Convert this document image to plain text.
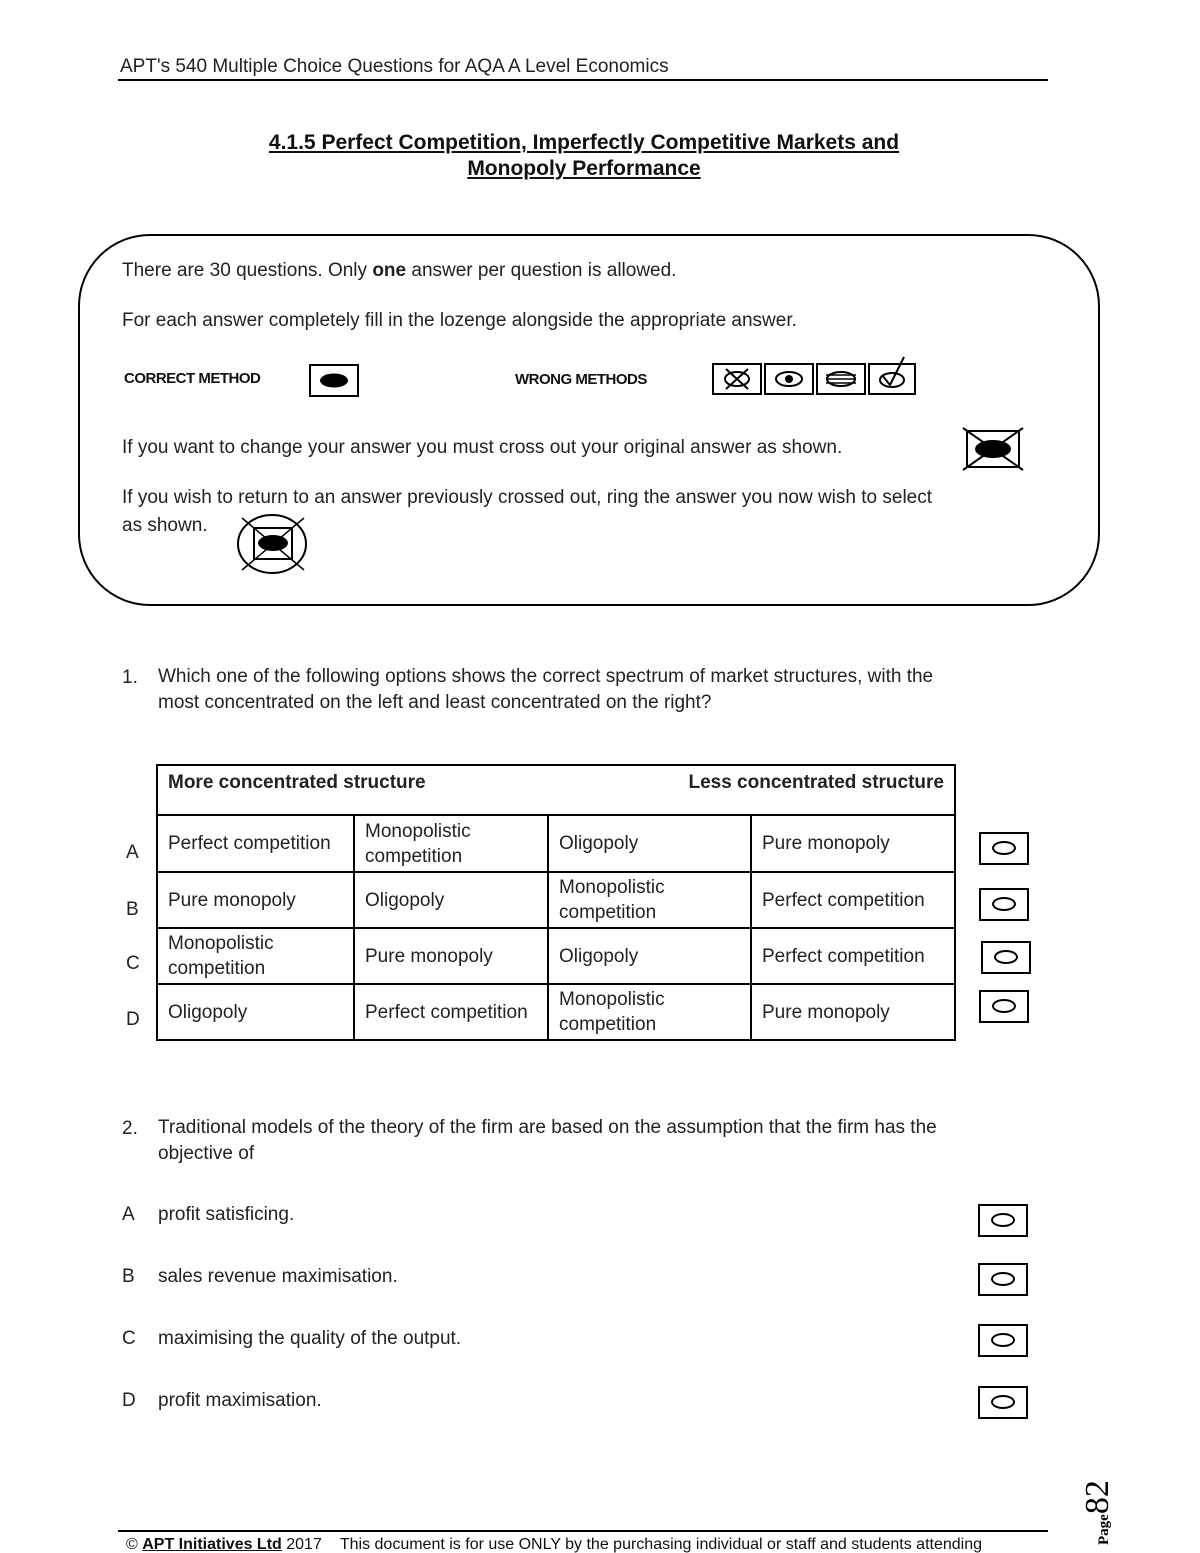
APT's 540 Multiple Choice Questions for AQA A Level Economics
4.1.5 Perfect Competition, Imperfectly Competitive Markets and
Monopoly Performance
There are 30 questions. Only one answer per question is allowed.
For each answer completely fill in the lozenge alongside the appropriate answer.
CORRECT METHOD	WRONG METHODS
If you want to change your answer you must cross out your original answer as shown.
If you wish to return to an answer previously crossed out, ring the answer you now wish to select
as shown.
1. Which one of the following options shows the correct spectrum of market structures, with the
most concentrated on the left and least concentrated on the right?
More concentrated structure Less concentrated structure			

Perfect competition	Monopolistic competition	Oligopoly	Pure monopoly
Pure monopoly	Oligopoly	Monopolistic competition	Perfect competition
Monopolistic competition	Pure monopoly	Oligopoly	Perfect competition
Oligopoly	Perfect competition	Monopolistic competition	Pure monopoly
A
B
C
D
2. Traditional models of the theory of the firm are based on the assumption that the firm has the
objective of
A profit satisficing.
B sales revenue maximisation.
C maximising the quality of the output.
D profit maximisation.
Page82
© APT Initiatives Ltd 2017 This document is for use ONLY by the purchasing individual or staff and students attending
